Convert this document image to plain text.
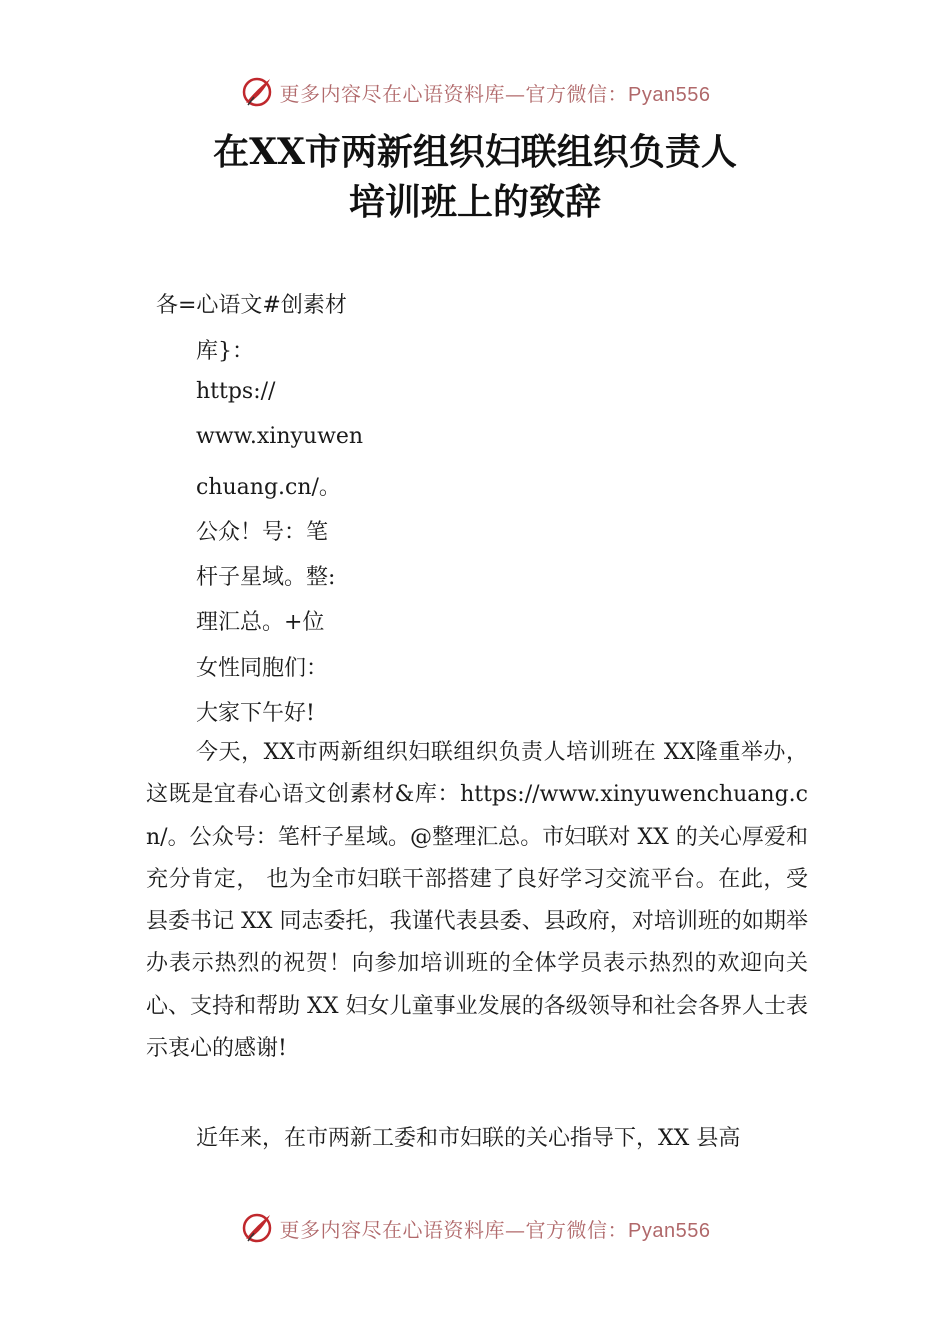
更多内容尽在心语资料库—官方微信：Pyan556
在XX市两新组织妇联组织负责人
培训班上的致辞
各=心语文#创素材
库}：
https://
www.xinyuwen
chuang.cn/。
公众！号：笔
杆子星域。整:
理汇总。+位
女性同胞们：
大家下午好!

今天，XX市两新组织妇联组织负责人培训班在 XX隆重举办，这既是宜春心语文创素材&库：https://www.xinyuwenchuang.cn/。公众号：笔杆子星域。@整理汇总。市妇联对 XX 的关心厚爱和充分肯定， 也为全市妇联干部搭建了良好学习交流平台。在此，受县委书记 XX 同志委托，我谨代表县委、县政府，对培训班的如期举办表示热烈的祝贺！向参加培训班的全体学员表示热烈的欢迎向关心、支持和帮助 XX 妇女儿童事业发展的各级领导和社会各界人士表示衷心的感谢!

近年来，在市两新工委和市妇联的关心指导下，XX 县高

更多内容尽在心语资料库—官方微信：Pyan556
